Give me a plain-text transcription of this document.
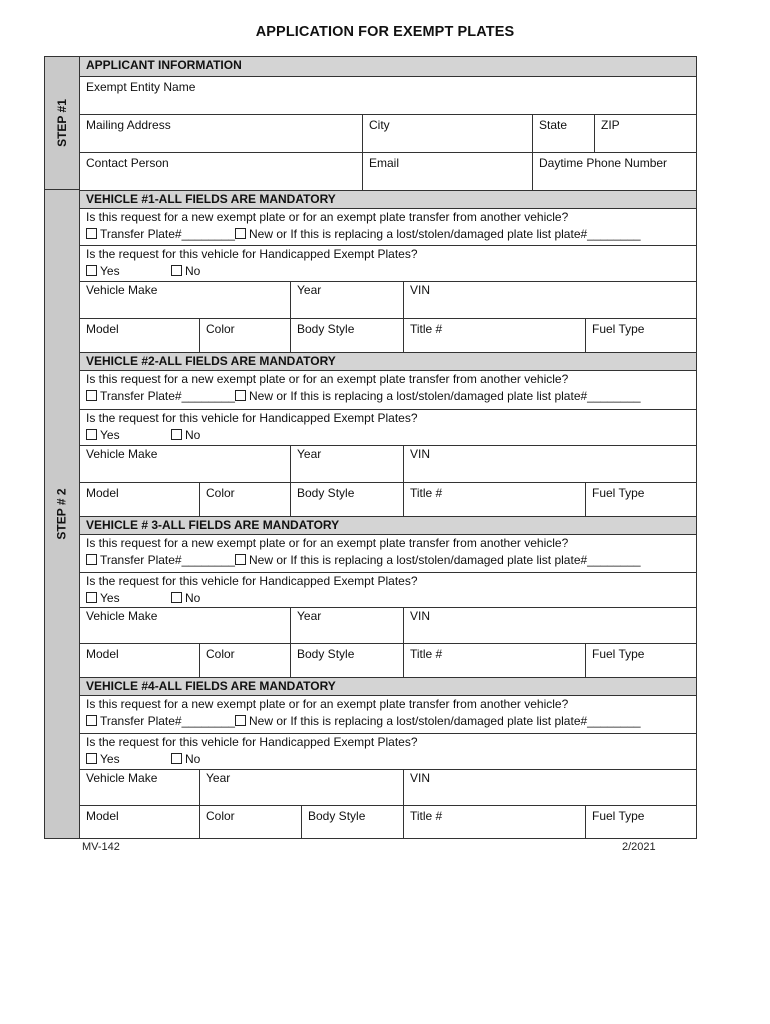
APPLICATION FOR EXEMPT PLATES
STEP #1
STEP # 2
APPLICANT INFORMATION
Exempt Entity Name
Mailing Address	City	State	ZIP
Contact Person	Email	Daytime Phone Number
VEHICLE #1-ALL FIELDS ARE MANDATORY
Is this request for a new exempt plate or for an exempt plate transfer from another vehicle?
Transfer Plate#________ New or If this is replacing a lost/stolen/damaged plate list plate#________
Is the request for this vehicle for Handicapped Exempt Plates?
Yes	No
Vehicle Make	Year	VIN
Model	Color	Body Style	Title #	Fuel Type
VEHICLE #2-ALL FIELDS ARE MANDATORY
Is this request for a new exempt plate or for an exempt plate transfer from another vehicle?
Transfer Plate#________ New or If this is replacing a lost/stolen/damaged plate list plate#________
Is the request for this vehicle for Handicapped Exempt Plates?
Yes	No
Vehicle Make	Year	VIN
Model	Color	Body Style	Title #	Fuel Type
VEHICLE # 3-ALL FIELDS ARE MANDATORY
Is this request for a new exempt plate or for an exempt plate transfer from another vehicle?
Transfer Plate#________ New or If this is replacing a lost/stolen/damaged plate list plate#________
Is the request for this vehicle for Handicapped Exempt Plates?
Yes	No
Vehicle Make	Year	VIN
Model	Color	Body Style	Title #	Fuel Type
VEHICLE #4-ALL FIELDS ARE MANDATORY
Is this request for a new exempt plate or for an exempt plate transfer from another vehicle?
Transfer Plate#________ New or If this is replacing a lost/stolen/damaged plate list plate#________
Is the request for this vehicle for Handicapped Exempt Plates?
Yes	No
Vehicle Make	Year	VIN
Model	Color	Body Style	Title #	Fuel Type
MV-142	2/2021
